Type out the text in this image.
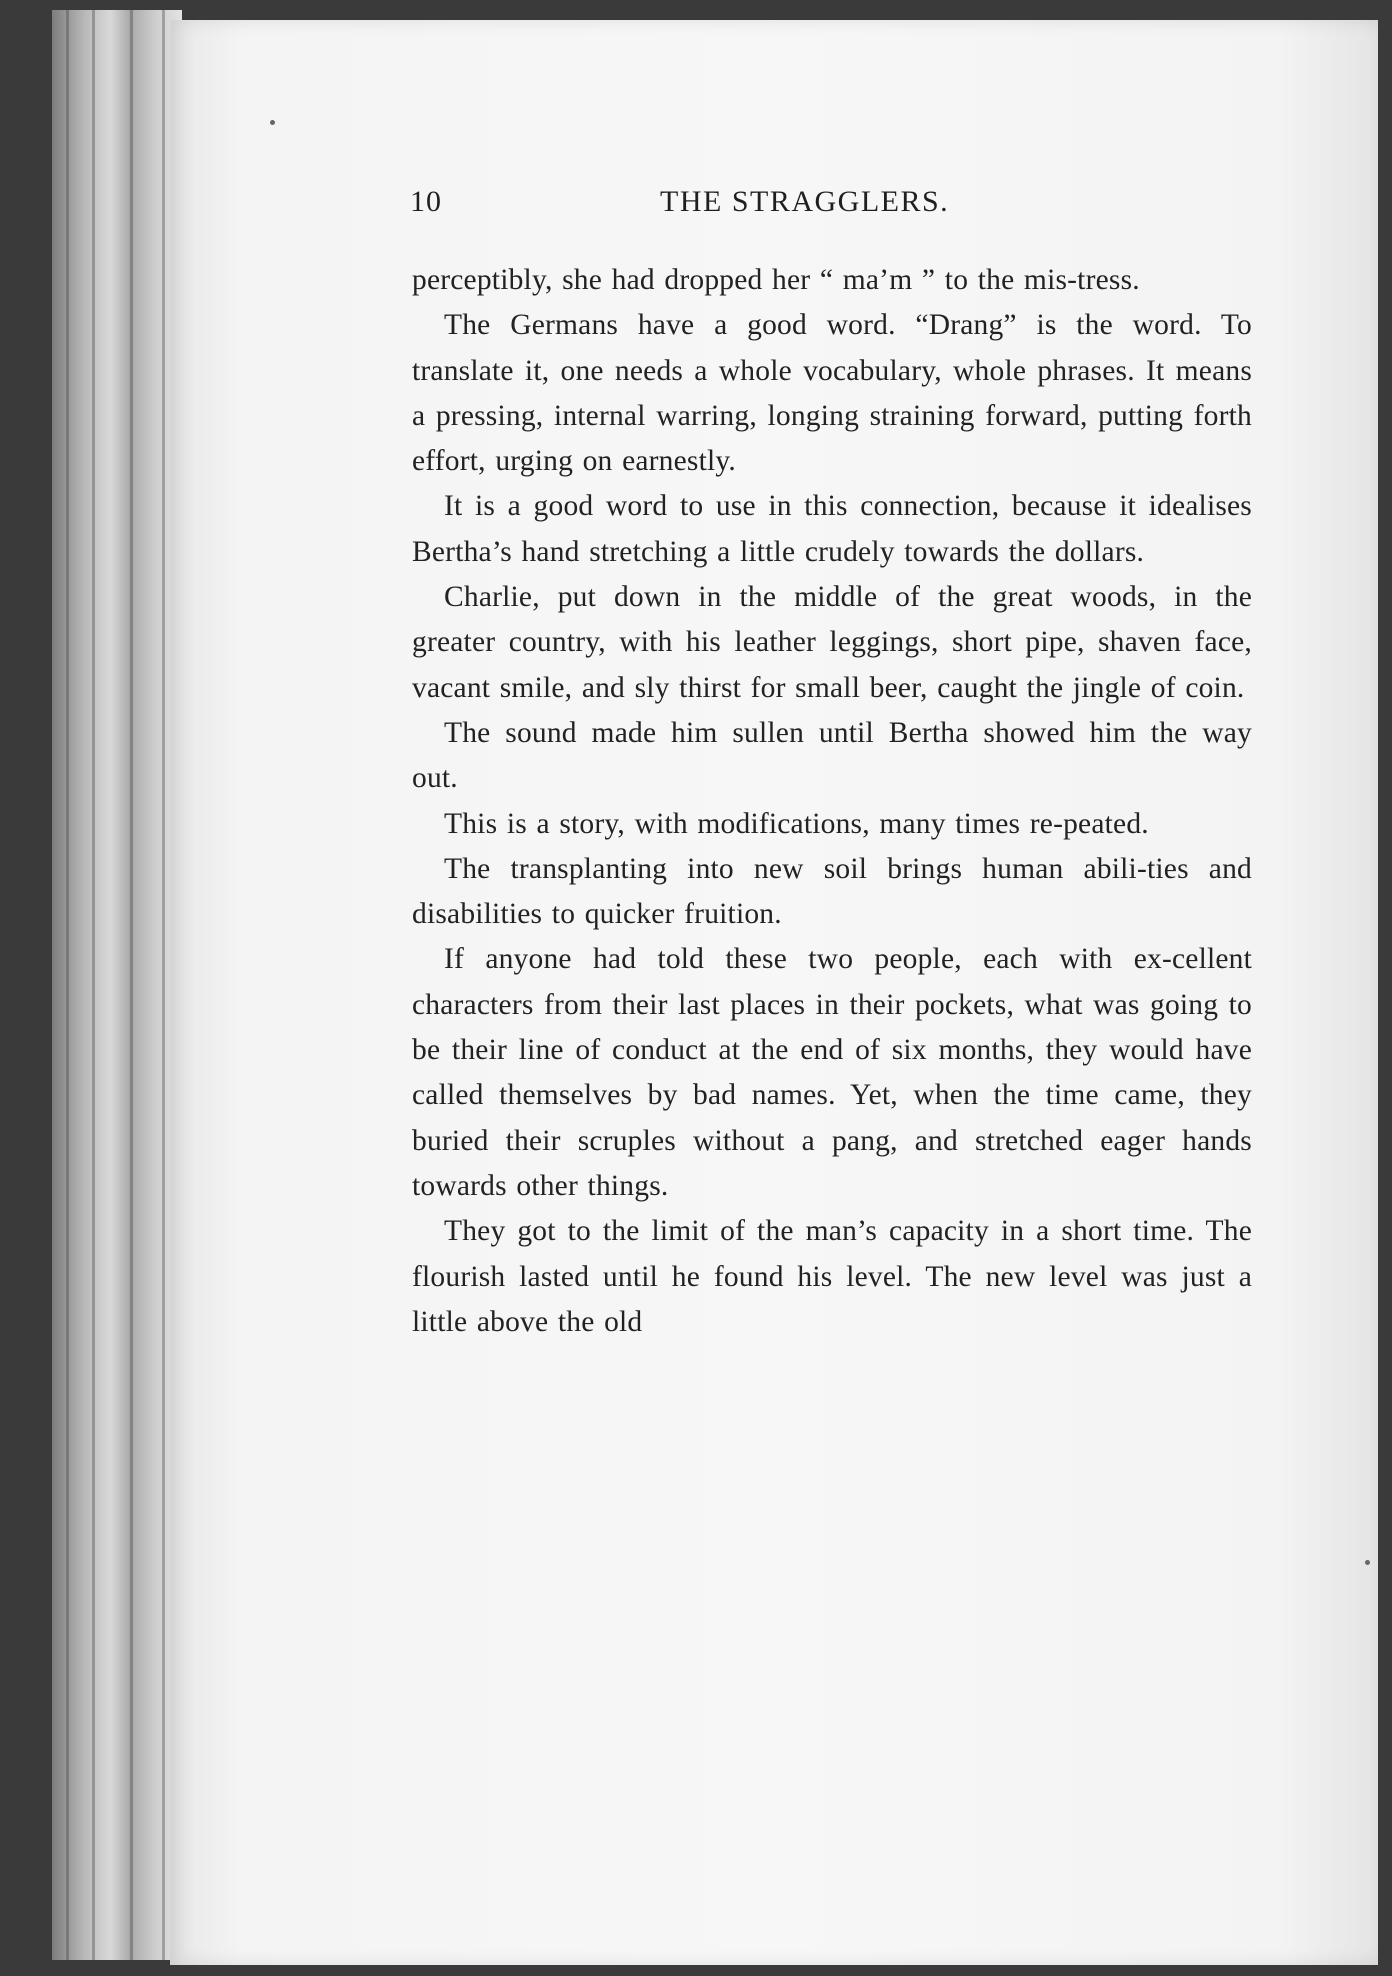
10	THE STRAGGLERS.

perceptibly, she had dropped her “ ma’m ” to the mis-tress.

The Germans have a good word. “Drang” is the word. To translate it, one needs a whole vocabulary, whole phrases. It means a pressing, internal warring, longing straining forward, putting forth effort, urging on earnestly.

It is a good word to use in this connection, because it idealises Bertha’s hand stretching a little crudely towards the dollars.

Charlie, put down in the middle of the great woods, in the greater country, with his leather leggings, short pipe, shaven face, vacant smile, and sly thirst for small beer, caught the jingle of coin.

The sound made him sullen until Bertha showed him the way out.

This is a story, with modifications, many times re-peated.

The transplanting into new soil brings human abili-ties and disabilities to quicker fruition.

If anyone had told these two people, each with ex-cellent characters from their last places in their pockets, what was going to be their line of conduct at the end of six months, they would have called themselves by bad names. Yet, when the time came, they buried their scruples without a pang, and stretched eager hands towards other things.

They got to the limit of the man’s capacity in a short time. The flourish lasted until he found his level. The new level was just a little above the old
